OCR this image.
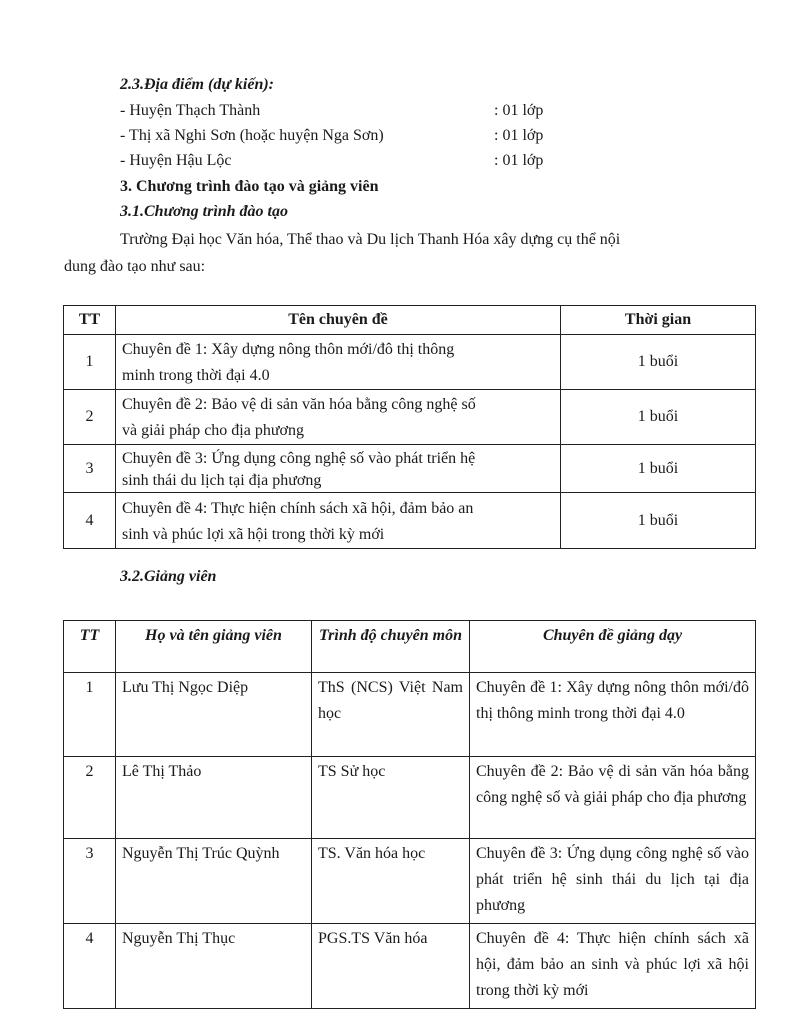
2.3.Địa điểm (dự kiến):
- Huyện Thạch Thành	: 01 lớp
- Thị xã Nghi Sơn (hoặc huyện Nga Sơn)	: 01 lớp
- Huyện Hậu Lộc	: 01 lớp
3. Chương trình đào tạo và giảng viên
3.1.Chương trình đào tạo
Trường Đại học Văn hóa, Thể thao và Du lịch Thanh Hóa xây dựng cụ thể nội
dung đào tạo như sau:
TT	Tên chuyên đề	Thời gian
1	Chuyên đề 1: Xây dựng nông thôn mới/đô thị thông
minh trong thời đại 4.0	1 buổi
2	Chuyên đề 2: Bảo vệ di sản văn hóa bằng công nghệ số
và giải pháp cho địa phương	1 buổi
3	Chuyên đề 3: Ứng dụng công nghệ số vào phát triển hệ
sinh thái du lịch tại địa phương	1 buổi
4	Chuyên đề 4: Thực hiện chính sách xã hội, đảm bảo an
sinh và phúc lợi xã hội trong thời kỳ mới	1 buổi
3.2.Giảng viên
TT	Họ và tên giảng viên	Trình độ chuyên môn	Chuyên đề giảng dạy
1	Lưu Thị Ngọc Diệp	ThS (NCS) Việt Nam học	Chuyên đề 1: Xây dựng nông thôn mới/đô thị thông minh trong thời đại 4.0
2	Lê Thị Thảo	TS Sử học	Chuyên đề 2: Bảo vệ di sản văn hóa bằng công nghệ số và giải pháp cho địa phương
3	Nguyễn Thị Trúc Quỳnh	TS. Văn hóa học	Chuyên đề 3: Ứng dụng công nghệ số vào phát triển hệ sinh thái du lịch tại địa phương
4	Nguyễn Thị Thục	PGS.TS Văn hóa	Chuyên đề 4: Thực hiện chính sách xã hội, đảm bảo an sinh và phúc lợi xã hội trong thời kỳ mới
